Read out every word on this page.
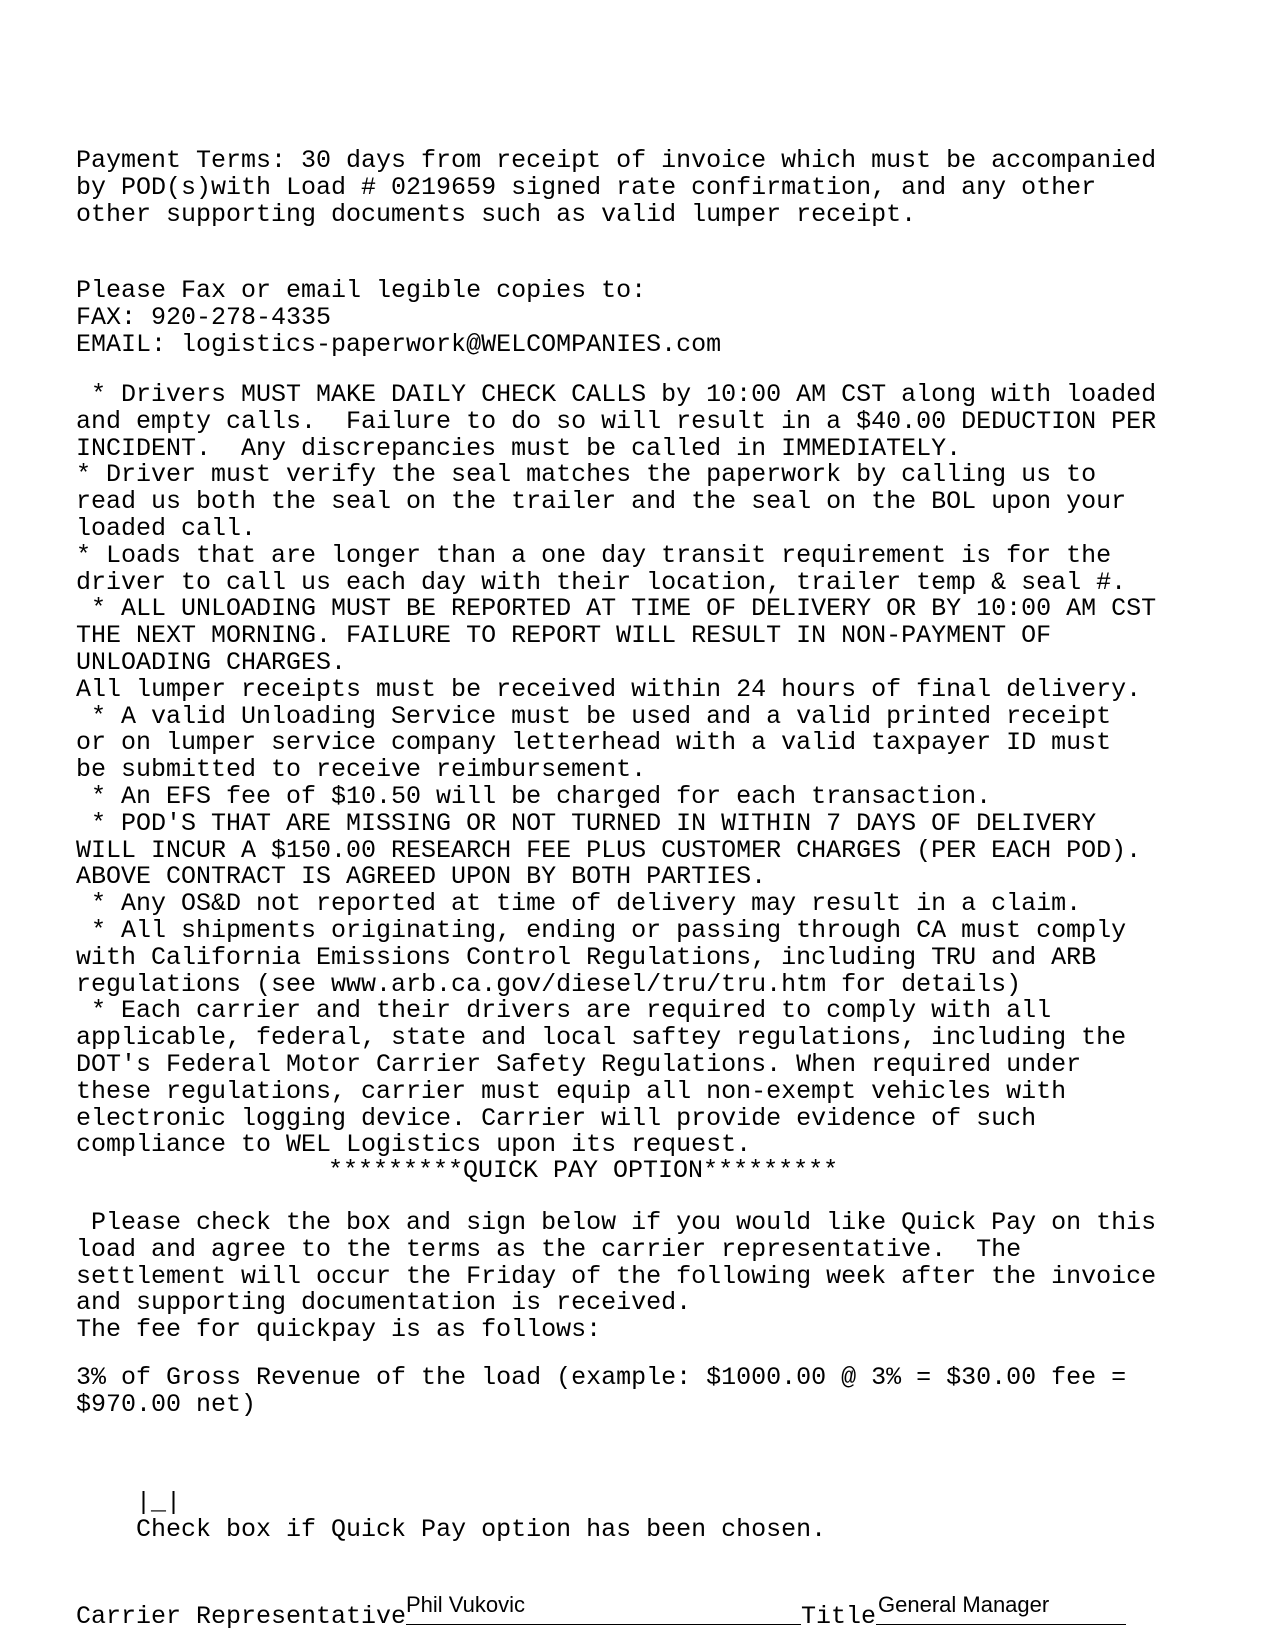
Payment Terms: 30 days from receipt of invoice which must be accompanied
by POD(s)with Load # 0219659 signed rate confirmation, and any other
other supporting documents such as valid lumper receipt.
Please Fax or email legible copies to:
FAX: 920-278-4335
EMAIL: logistics-paperwork@WELCOMPANIES.com
* Drivers MUST MAKE DAILY CHECK CALLS by 10:00 AM CST along with loaded
and empty calls.  Failure to do so will result in a $40.00 DEDUCTION PER
INCIDENT.  Any discrepancies must be called in IMMEDIATELY.
* Driver must verify the seal matches the paperwork by calling us to
read us both the seal on the trailer and the seal on the BOL upon your
loaded call.
* Loads that are longer than a one day transit requirement is for the
driver to call us each day with their location, trailer temp & seal #.
* ALL UNLOADING MUST BE REPORTED AT TIME OF DELIVERY OR BY 10:00 AM CST
THE NEXT MORNING. FAILURE TO REPORT WILL RESULT IN NON-PAYMENT OF
UNLOADING CHARGES.
All lumper receipts must be received within 24 hours of final delivery.
* A valid Unloading Service must be used and a valid printed receipt
or on lumper service company letterhead with a valid taxpayer ID must
be submitted to receive reimbursement.
* An EFS fee of $10.50 will be charged for each transaction.
* POD'S THAT ARE MISSING OR NOT TURNED IN WITHIN 7 DAYS OF DELIVERY
WILL INCUR A $150.00 RESEARCH FEE PLUS CUSTOMER CHARGES (PER EACH POD).
ABOVE CONTRACT IS AGREED UPON BY BOTH PARTIES.
* Any OS&D not reported at time of delivery may result in a claim.
* All shipments originating, ending or passing through CA must comply
with California Emissions Control Regulations, including TRU and ARB
regulations (see www.arb.ca.gov/diesel/tru/tru.htm for details)
* Each carrier and their drivers are required to comply with all
applicable, federal, state and local saftey regulations, including the
DOT's Federal Motor Carrier Safety Regulations. When required under
these regulations, carrier must equip all non-exempt vehicles with
electronic logging device. Carrier will provide evidence of such
compliance to WEL Logistics upon its request.
*********QUICK PAY OPTION*********
Please check the box and sign below if you would like Quick Pay on this
load and agree to the terms as the carrier representative.  The
settlement will occur the Friday of the following week after the invoice
and supporting documentation is received.
The fee for quickpay is as follows:
3% of Gross Revenue of the load (example: $1000.00 @ 3% = $30.00 fee =
$970.00 net)

|_|
Check box if Quick Pay option has been chosen.

Carrier Representative Phil Vukovic	Title General Manager
